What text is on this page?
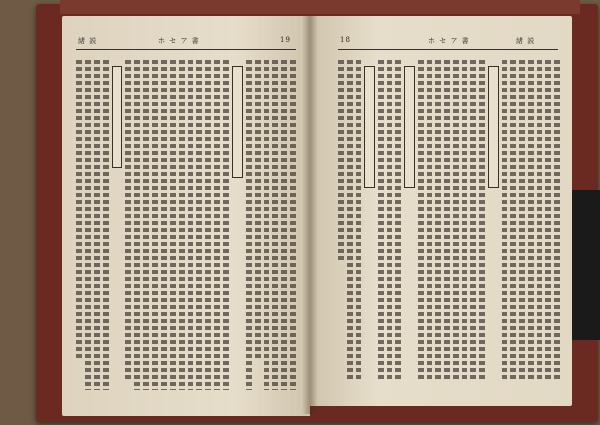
緒 説	ホ セ ア 書	19	18	ホ セ ア 書	緒 説
